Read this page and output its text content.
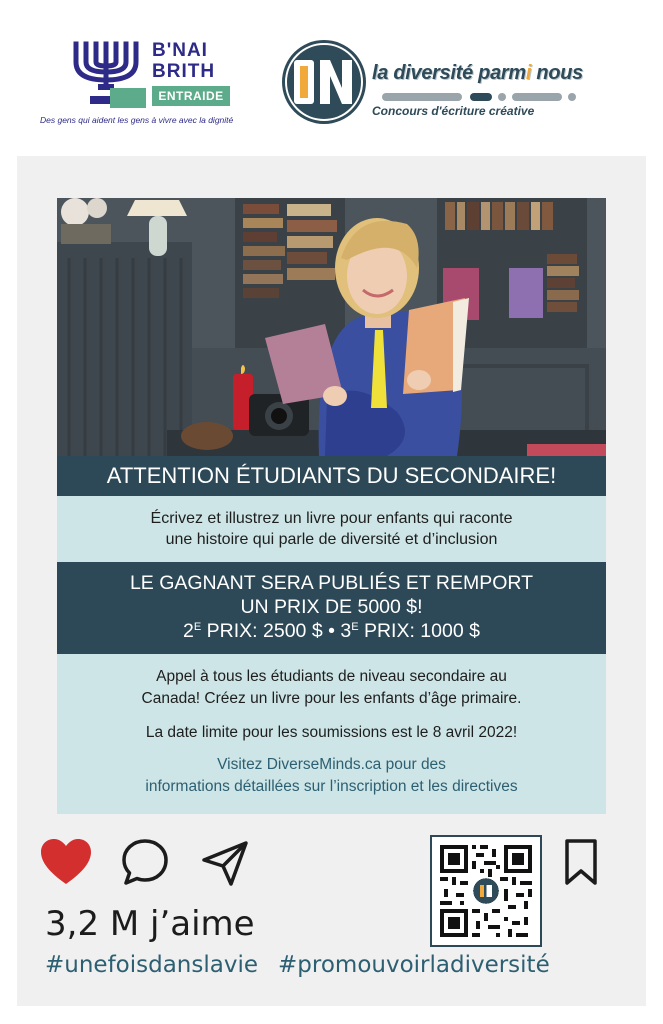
B'NAI
BRITH
ENTRAIDE
Des gens qui aident les gens à vivre avec la dignité
la diversité parmi nous
Concours d'écriture créative
ATTENTION ÉTUDIANTS DU SECONDAIRE!
Écrivez et illustrez un livre pour enfants qui raconte
une histoire qui parle de diversité et d’inclusion
LE GAGNANT SERA PUBLIÉS ET REMPORT
UN PRIX DE 5000 $!
$2^E$ PRIX: 2500 $ • $3^E$ PRIX: 1000 $

Appel à tous les étudiants de niveau secondaire au

Canada! Créez un livre pour les enfants d’âge primaire.

La date limite pour les soumissions est le 8 avril 2022!

Visitez DiverseMinds.ca pour des

informations détaillées sur l’inscription et les directives

3,2 M j’aime
#unefoisdanslavie #promouvoirladiversité
